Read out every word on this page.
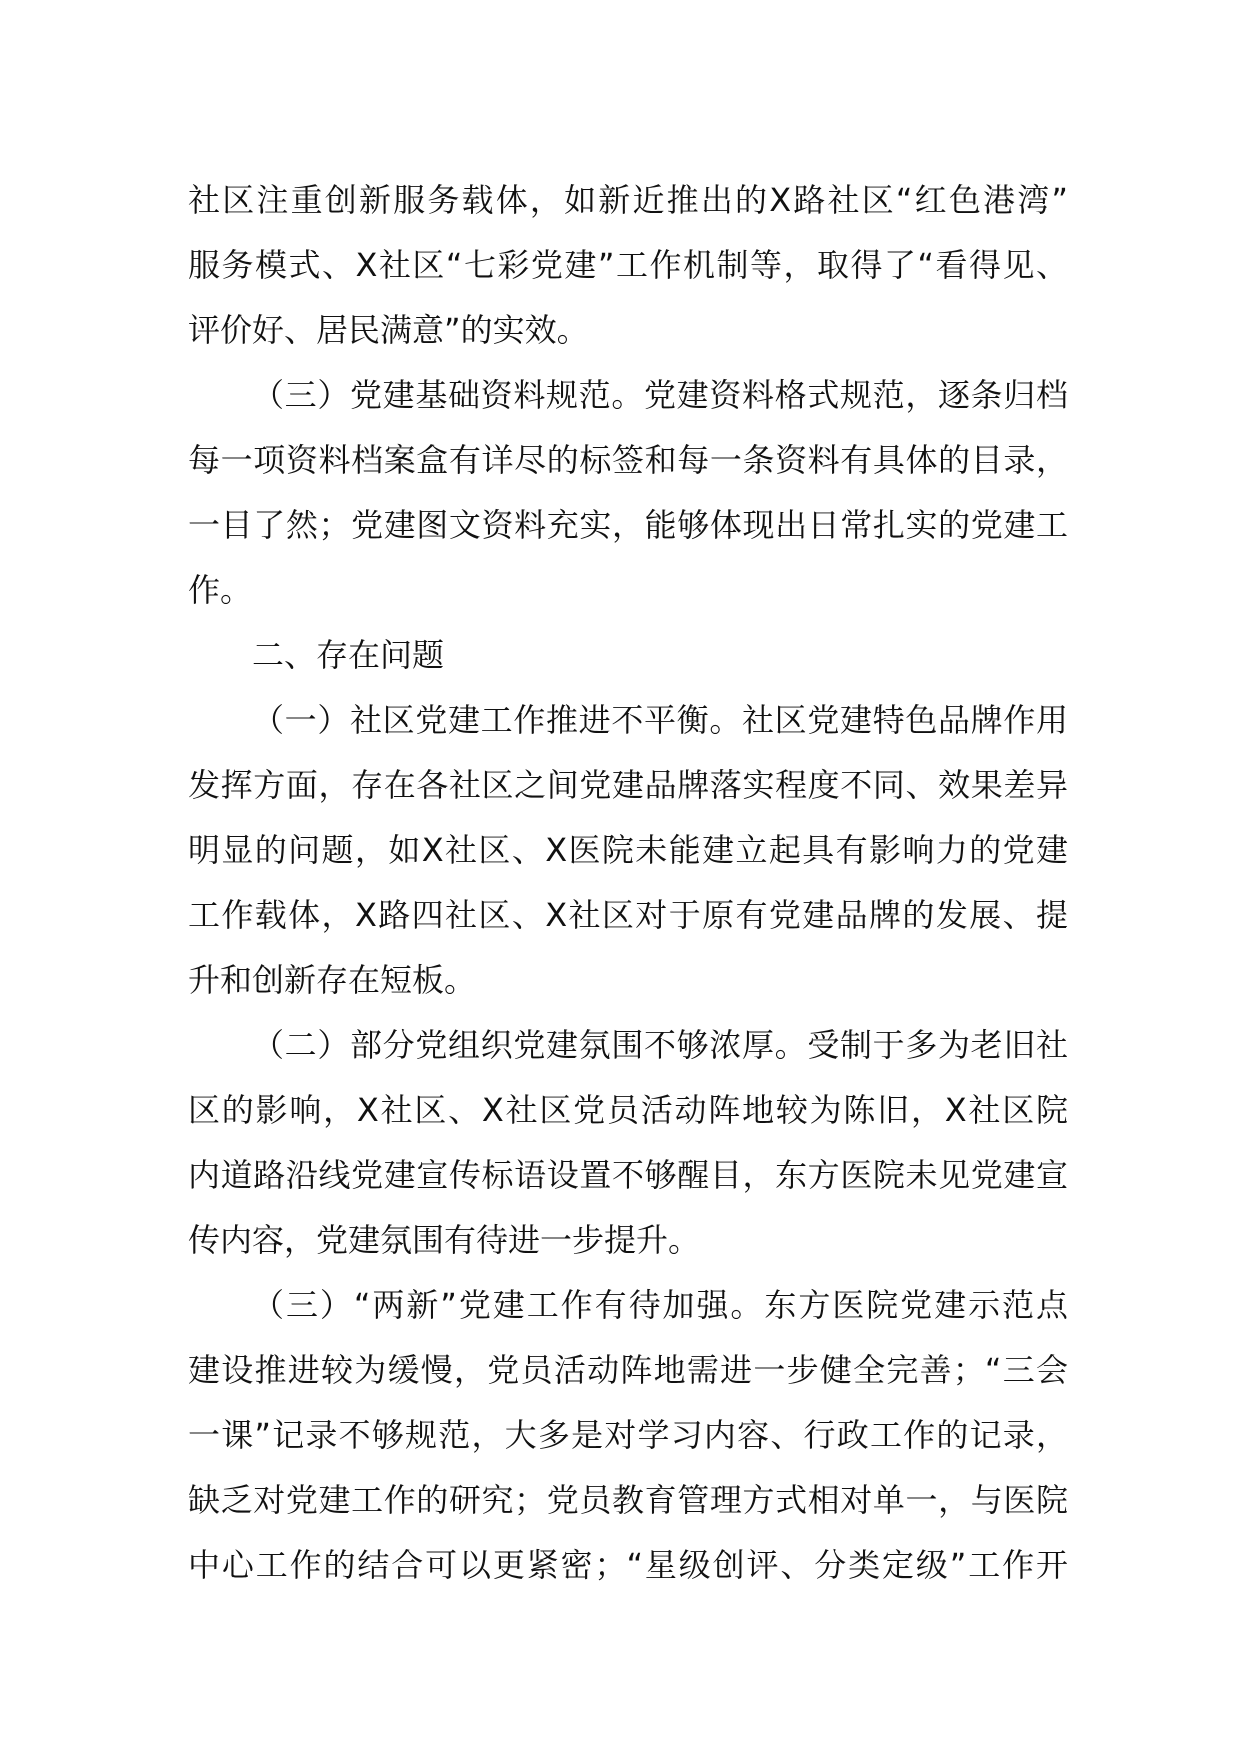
社区注重创新服务载体，如新近推出的X路社区“红色港湾”
服务模式、X社区“七彩党建”工作机制等，取得了“看得见、
评价好、居民满意”的实效。
（三）党建基础资料规范。党建资料格式规范，逐条归档
每一项资料档案盒有详尽的标签和每一条资料有具体的目录，
一目了然；党建图文资料充实，能够体现出日常扎实的党建工
作。
二、存在问题
（一）社区党建工作推进不平衡。社区党建特色品牌作用
发挥方面，存在各社区之间党建品牌落实程度不同、效果差异
明显的问题，如X社区、X医院未能建立起具有影响力的党建
工作载体，X路四社区、X社区对于原有党建品牌的发展、提
升和创新存在短板。
（二）部分党组织党建氛围不够浓厚。受制于多为老旧社
区的影响，X社区、X社区党员活动阵地较为陈旧，X社区院
内道路沿线党建宣传标语设置不够醒目，东方医院未见党建宣
传内容，党建氛围有待进一步提升。
（三）“两新”党建工作有待加强。东方医院党建示范点
建设推进较为缓慢，党员活动阵地需进一步健全完善；“三会
一课”记录不够规范，大多是对学习内容、行政工作的记录，
缺乏对党建工作的研究；党员教育管理方式相对单一，与医院
中心工作的结合可以更紧密；“星级创评、分类定级”工作开
